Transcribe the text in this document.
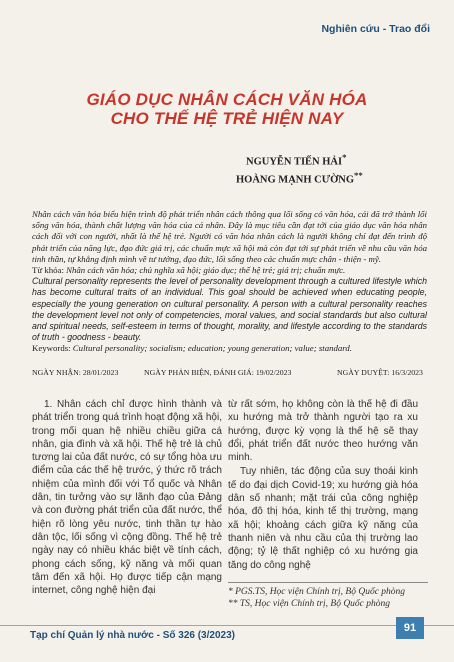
Nghiên cứu - Trao đổi
GIÁO DỤC NHÂN CÁCH VĂN HÓA
CHO THẾ HỆ TRẺ HIỆN NAY
NGUYỄN TIẾN HẢI*
HOÀNG MẠNH CƯỜNG**
Nhân cách văn hóa biểu hiện trình độ phát triển nhân cách thông qua lối sống có văn hóa, cái đã trở thành lối sống văn hóa, thành chất lượng văn hóa của cá nhân. Đây là mục tiêu cần đạt tới của giáo dục văn hóa nhân cách đối với con người, nhất là thế hệ trẻ. Người có văn hóa nhân cách là người không chỉ đạt đến trình độ phát triển của năng lực, đạo đức giá trị, các chuẩn mực xã hội mà còn đạt tới sự phát triển về nhu cầu văn hóa tinh thần, tự khẳng định mình về tư tưởng, đạo đức, lối sống theo các chuẩn mực chân - thiện - mỹ.
Từ khóa: Nhân cách văn hóa; chủ nghĩa xã hội; giáo dục; thế hệ trẻ; giá trị; chuẩn mực.
Cultural personality represents the level of personality development through a cultured lifestyle which has become cultural traits of an individual. This goal should be achieved when educating people, especially the young generation on cultural personality. A person with a cultural personality reaches the development level not only of competencies, moral values, and social standards but also cultural and spiritual needs, self-esteem in terms of thought, morality, and lifestyle according to the standards of truth - goodness - beauty.
Keywords: Cultural personality; socialism; education; young generation; value; standard.
NGÀY NHẬN: 28/01/2023	NGÀY PHẢN BIỆN, ĐÁNH GIÁ: 19/02/2023	NGÀY DUYỆT: 16/3/2023

1. Nhân cách chỉ được hình thành và phát triển trong quá trình hoạt động xã hội, trong mối quan hệ nhiều chiều giữa cá nhân, gia đình và xã hội. Thế hệ trẻ là chủ tương lai của đất nước, có sự tổng hòa ưu điểm của các thế hệ trước, ý thức rõ trách nhiệm của mình đối với Tổ quốc và Nhân dân, tin tưởng vào sự lãnh đạo của Đảng và con đường phát triển của đất nước, thể hiện rõ lòng yêu nước, tinh thần tự hào dân tộc, lối sống vì cộng đồng. Thế hệ trẻ ngày nay có nhiều khác biệt về tính cách, phong cách sống, kỹ năng và mối quan tâm đến xã hội. Họ được tiếp cận mạng internet, công nghệ hiện đại

từ rất sớm, họ không còn là thế hệ đi đầu xu hướng mà trở thành người tạo ra xu hướng, được kỳ vọng là thế hệ sẽ thay đổi, phát triển đất nước theo hướng văn minh.

Tuy nhiên, tác động của suy thoái kinh tế do đại dịch Covid-19; xu hướng già hóa dân số nhanh; mặt trái của công nghiệp hóa, đô thị hóa, kinh tế thị trường, mạng xã hội; khoảng cách giữa kỹ năng của thanh niên và nhu cầu của thị trường lao động; tỷ lệ thất nghiệp có xu hướng gia tăng do công nghệ

* PGS.TS, Học viện Chính trị, Bộ Quốc phòng
** TS, Học viện Chính trị, Bộ Quốc phòng
Tạp chí Quản lý nhà nước - Số 326 (3/2023)
91
